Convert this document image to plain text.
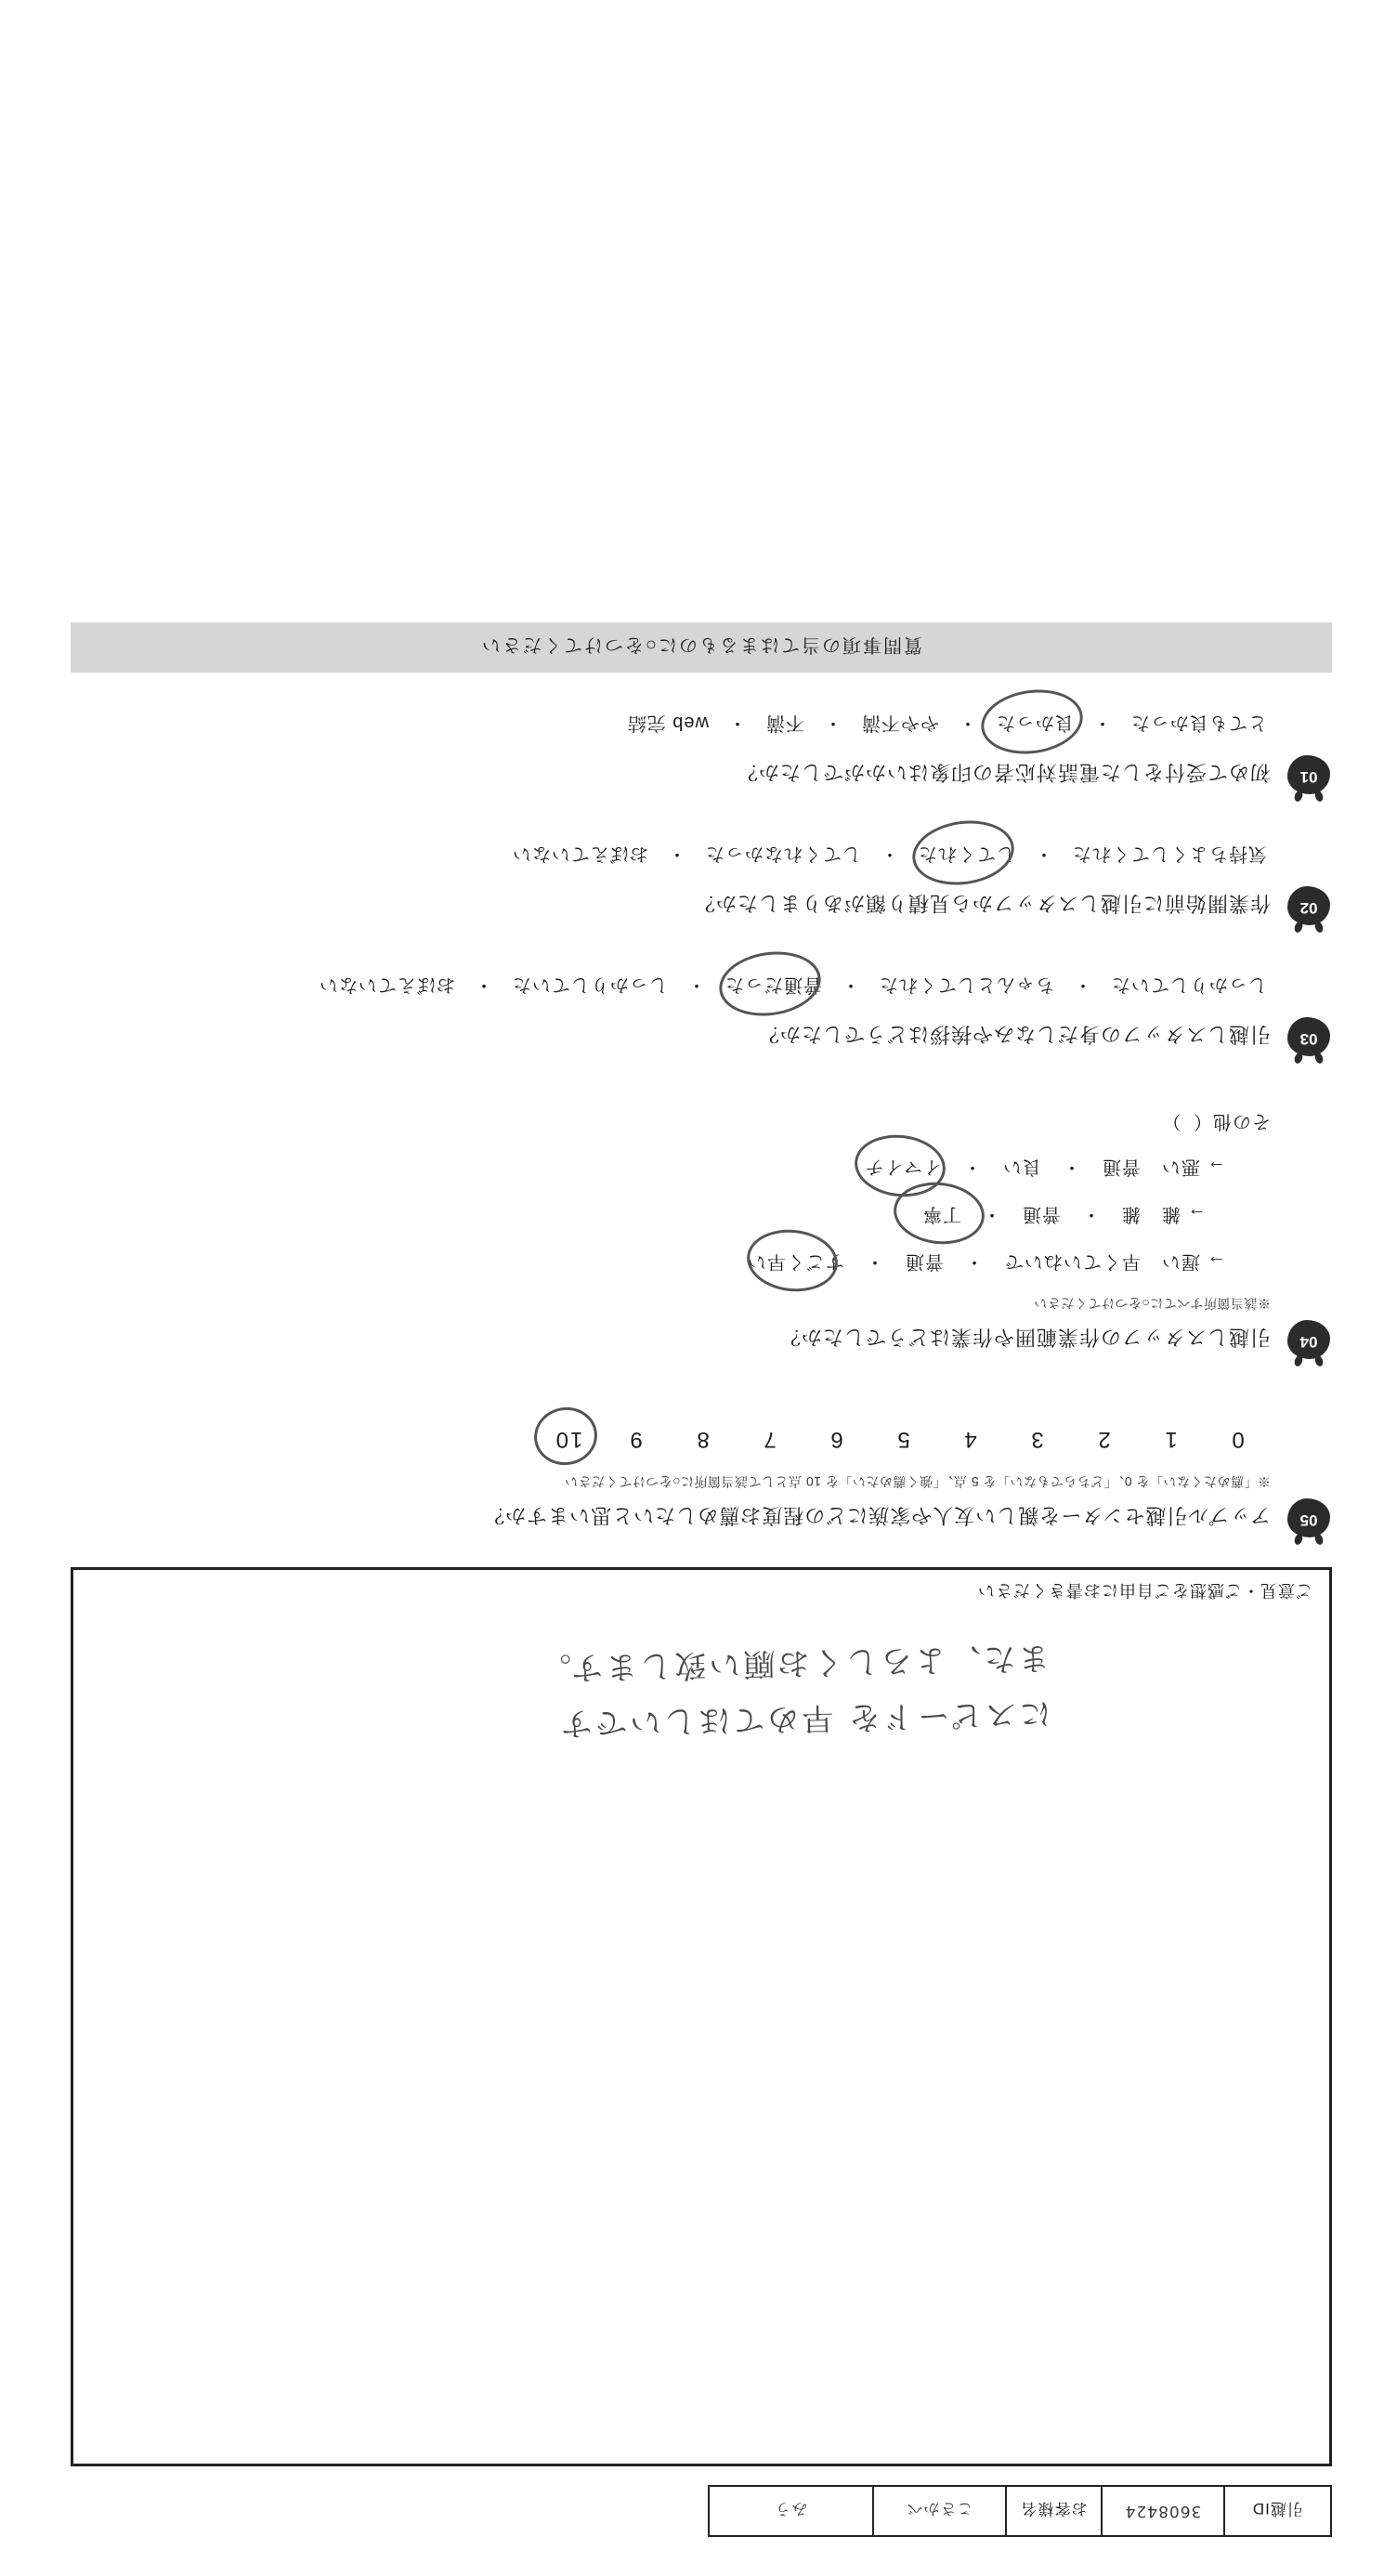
引越ID
3608424
お客様名
こさかべ
みう
にスピードを 早めてほしいです
また、よろしくお願い致します。
ご意見・ご感想をご自由にお書きください
05
アップル引越センターを親しい友人や家族にどの程度お薦めしたいと思いますか？
※「薦めたくない」を 0、「どちらでもない」を 5 点、「強く薦めたい」を 10 点として該当箇所に○をつけてください
0
1
2
3
4
5
6
7
8
9
10
04
引越しスタッフの作業範囲や作業はどうでしたか？
※該当箇所すべてに○をつけてください
→ 遅い
早くていねいで
・
普通
・
すごく早い
→ 雑
雑
・
普通
・
丁寧
→ 悪い
普通
・
良い
・
イマイチ
その他（ ）
03
引越しスタッフの身だしなみや挨拶はどうでしたか？
しっかりしていた
・
ちゃんとしてくれた
・
普通だった
・
しっかりしていた
・
おぼえていない
02
作業開始前に引越しスタッフから見積り額がありましたか？
気持ちよくしてくれた
・
してくれた
・
してくれなかった
・
おぼえていない
01
初めて受付をした電話対応者の印象はいかがでしたか？
とても良かった
・
良かった
・
やや不満
・
不満
・
web 完結
質問事項の当てはまるものに○をつけてください
